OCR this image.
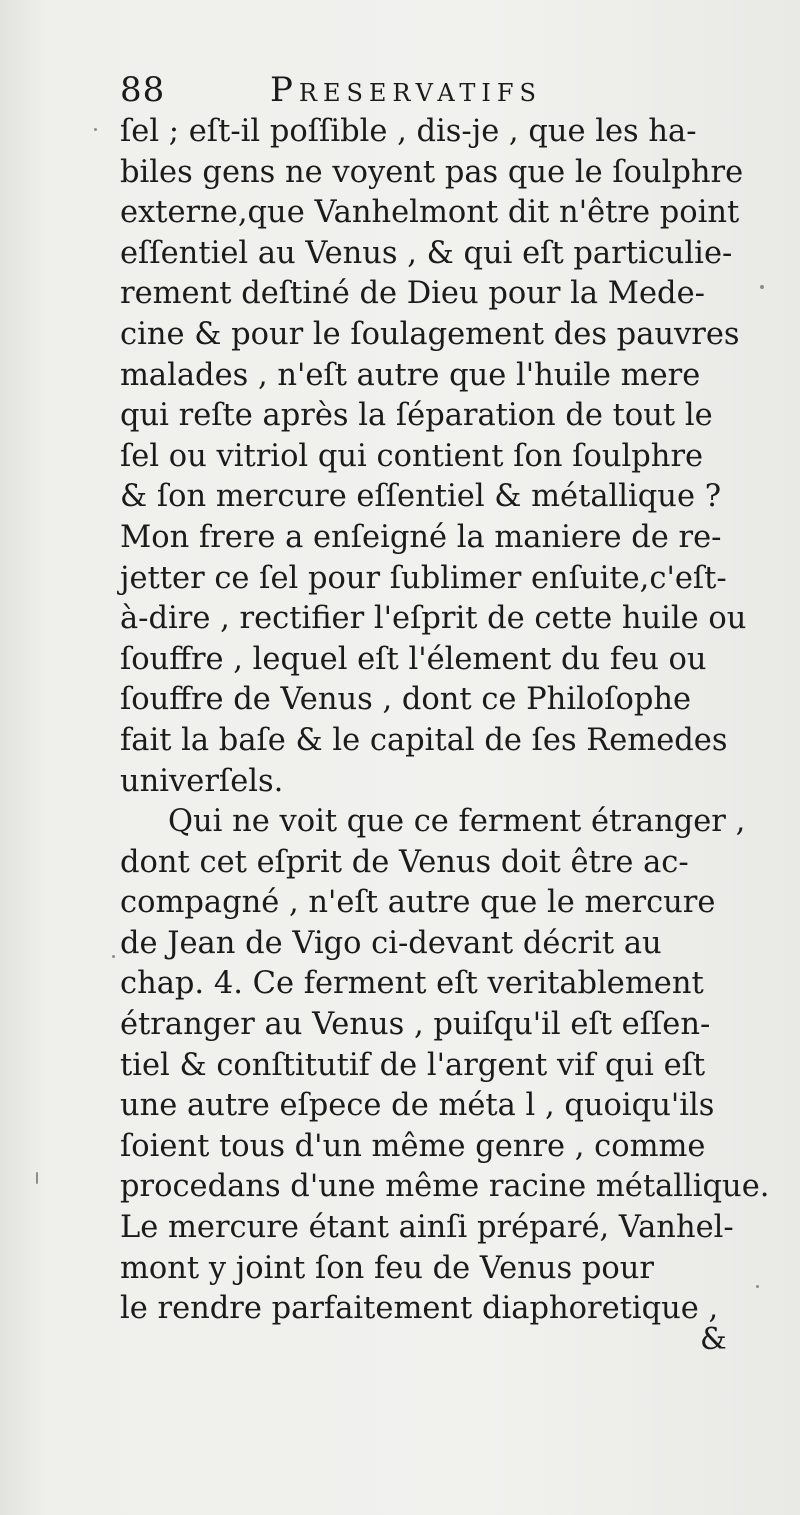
88	Preservatifs
ſel ; eſt-il poſſible , dis-je , que les ha-
biles gens ne voyent pas que le ſoulphre
externe,que Vanhelmont dit n'être point
eſſentiel au Venus , & qui eſt particulie-
rement deſtiné de Dieu pour la Mede-
cine & pour le ſoulagement des pauvres
malades , n'eſt autre que l'huile mere
qui reſte après la ſéparation de tout le
ſel ou vitriol qui contient ſon ſoulphre
& ſon mercure eſſentiel & métallique ?
Mon frere a enſeigné la maniere de re-
jetter ce ſel pour ſublimer enſuite,c'eſt-
à-dire , rectifier l'eſprit de cette huile ou
ſouffre , lequel eſt l'élement du feu ou
ſouffre de Venus , dont ce Philoſophe
fait la baſe & le capital de ſes Remedes
univerſels.
Qui ne voit que ce ferment étranger ,
dont cet eſprit de Venus doit être ac-
compagné , n'eſt autre que le mercure
de Jean de Vigo ci-devant décrit au
chap. 4. Ce ferment eſt veritablement
étranger au Venus , puiſqu'il eſt eſſen-
tiel & conſtitutif de l'argent vif qui eſt
une autre eſpece de méta l , quoiqu'ils
ſoient tous d'un même genre , comme
procedans d'une même racine métallique.
Le mercure étant ainſi préparé, Vanhel-
mont y joint ſon feu de Venus pour
le rendre parfaitement diaphoretique ,
&
